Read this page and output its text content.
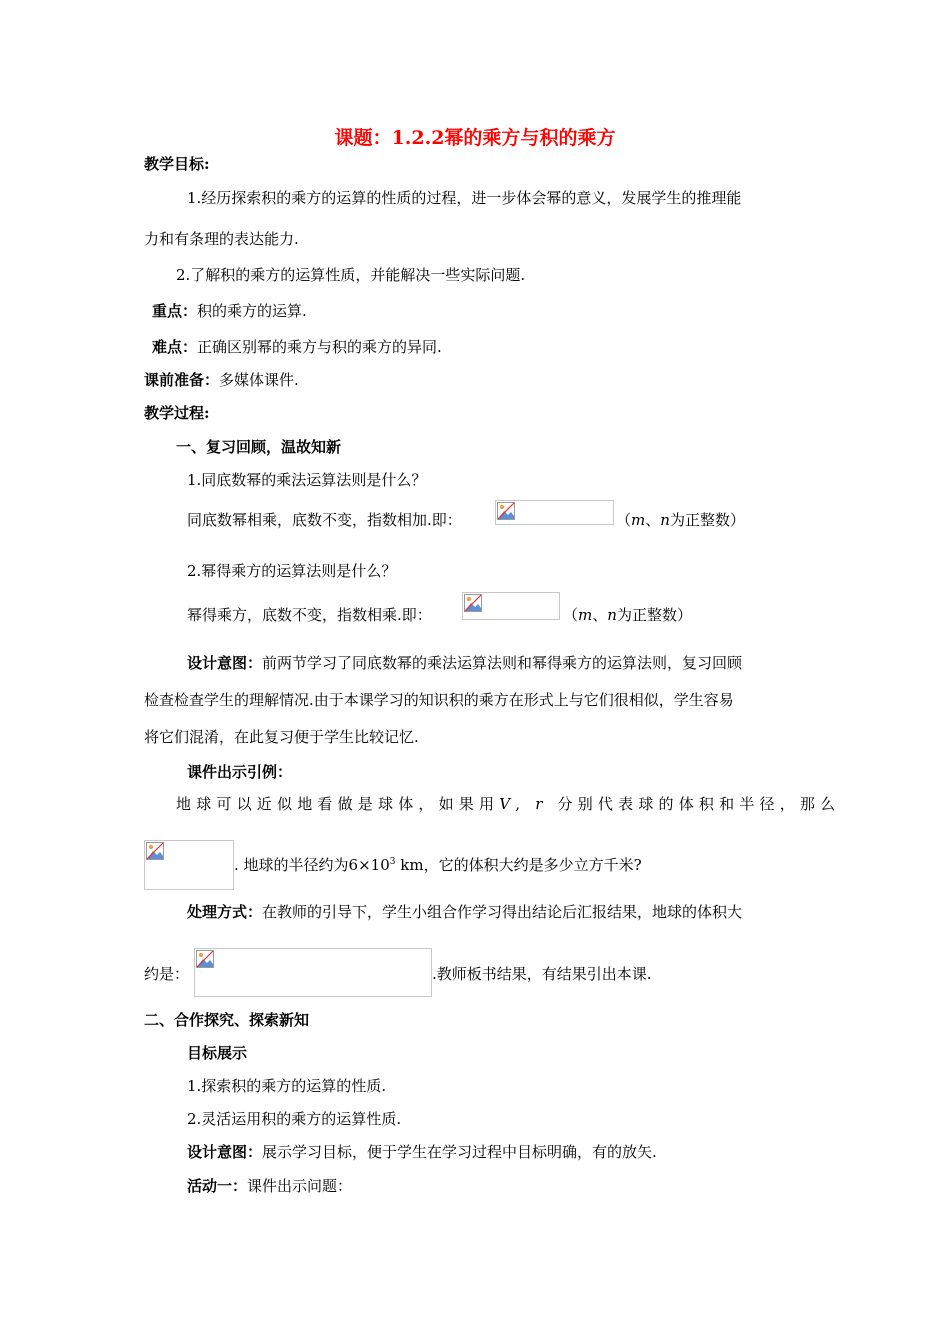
课题：1.2.2幂的乘方与积的乘方
教学目标:
1.经历探索积的乘方的运算的性质的过程，进一步体会幂的意义，发展学生的推理能
力和有条理的表达能力.
2.了解积的乘方的运算性质，并能解决一些实际问题.
重点：积的乘方的运算.
难点：正确区别幂的乘方与积的乘方的异同.
课前准备：多媒体课件.
教学过程:
一、复习回顾，温故知新
1.同底数幂的乘法运算法则是什么？
同底数幂相乘，底数不变，指数相加.即：	（m、n为正整数）
2.幂得乘方的运算法则是什么？
幂得乘方，底数不变，指数相乘.即：	（m、n为正整数）
设计意图：前两节学习了同底数幂的乘法运算法则和幂得乘方的运算法则，复习回顾
检查检查学生的理解情况.由于本课学习的知识积的乘方在形式上与它们很相似，学生容易
将它们混淆，在此复习便于学生比较记忆.
课件出示引例：
地球可以近似地看做是球体，如果用V, r 分别代表球的体积和半径，那么
. 地球的半径约为$6\times 10^3$ km，它的体积大约是多少立方千米?
处理方式：在教师的引导下，学生小组合作学习得出结论后汇报结果，地球的体积大
约是：	.教师板书结果，有结果引出本课.
二、合作探究、探索新知
目标展示
1.探索积的乘方的运算的性质.
2.灵活运用积的乘方的运算性质.
设计意图：展示学习目标，便于学生在学习过程中目标明确，有的放矢.
活动一：课件出示问题：
